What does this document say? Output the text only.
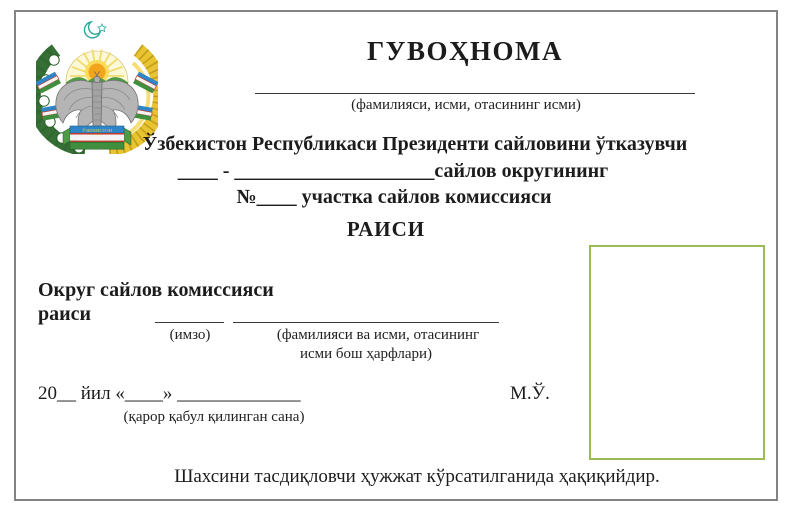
ЎЗБЕКИСТОН
ГУВОҲНОМА
(фамилияси, исми, отасининг исми)
Ўзбекистон Республикаси Президенти сайловини ўтказувчи
____ - ____________________сайлов округининг
№____ участка сайлов комиссияси
РАИСИ
Округ сайлов комиссияси
раиси
(имзо)	(фамилияси ва исми, отасининг
исми бош ҳарфлари)
20__ йил «____» _____________
(қарор қабул қилинган сана)
М.Ў.
Шахсини тасдиқловчи ҳужжат кўрсатилганида ҳақиқийдир.
